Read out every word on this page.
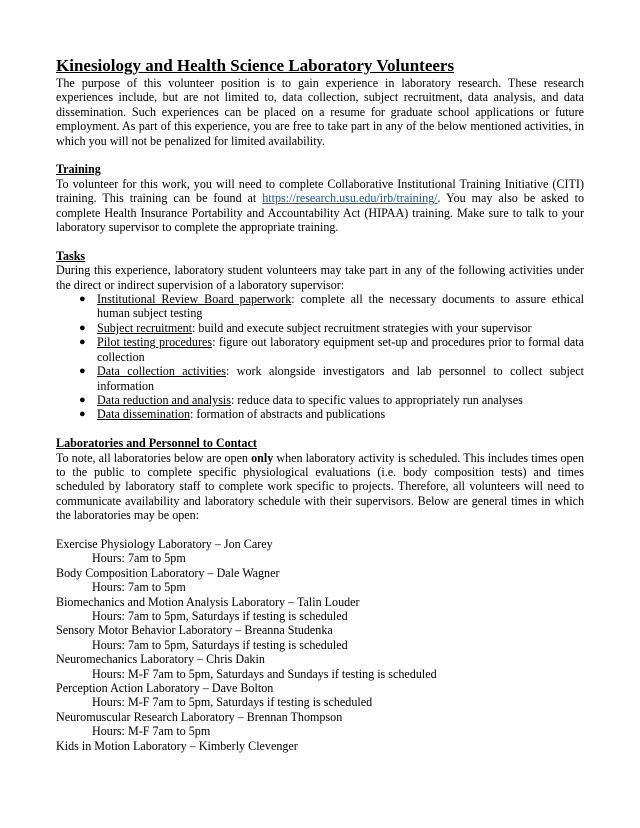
Kinesiology and Health Science Laboratory Volunteers

The purpose of this volunteer position is to gain experience in laboratory research. These research experiences include, but are not limited to, data collection, subject recruitment, data analysis, and data dissemination. Such experiences can be placed on a resume for graduate school applications or future employment. As part of this experience, you are free to take part in any of the below mentioned activities, in which you will not be penalized for limited availability.

Training

To volunteer for this work, you will need to complete Collaborative Institutional Training Initiative (CITI) training. This training can be found at https://research.usu.edu/irb/training/. You may also be asked to complete Health Insurance Portability and Accountability Act (HIPAA) training. Make sure to talk to your laboratory supervisor to complete the appropriate training.

Tasks

During this experience, laboratory student volunteers may take part in any of the following activities under the direct or indirect supervision of a laboratory supervisor:

● Institutional Review Board paperwork: complete all the necessary documents to assure ethical human subject testing
● Subject recruitment: build and execute subject recruitment strategies with your supervisor
● Pilot testing procedures: figure out laboratory equipment set-up and procedures prior to formal data collection
● Data collection activities: work alongside investigators and lab personnel to collect subject information
● Data reduction and analysis: reduce data to specific values to appropriately run analyses
● Data dissemination: formation of abstracts and publications

Laboratories and Personnel to Contact

To note, all laboratories below are open only when laboratory activity is scheduled. This includes times open to the public to complete specific physiological evaluations (i.e. body composition tests) and times scheduled by laboratory staff to complete work specific to projects. Therefore, all volunteers will need to communicate availability and laboratory schedule with their supervisors. Below are general times in which the laboratories may be open:

Exercise Physiology Laboratory – Jon Carey

Hours: 7am to 5pm

Body Composition Laboratory – Dale Wagner

Hours: 7am to 5pm

Biomechanics and Motion Analysis Laboratory – Talin Louder

Hours: 7am to 5pm, Saturdays if testing is scheduled

Sensory Motor Behavior Laboratory – Breanna Studenka

Hours: 7am to 5pm, Saturdays if testing is scheduled

Neuromechanics Laboratory – Chris Dakin

Hours: M-F 7am to 5pm, Saturdays and Sundays if testing is scheduled

Perception Action Laboratory – Dave Bolton

Hours: M-F 7am to 5pm, Saturdays if testing is scheduled

Neuromuscular Research Laboratory – Brennan Thompson

Hours: M-F 7am to 5pm

Kids in Motion Laboratory – Kimberly Clevenger
